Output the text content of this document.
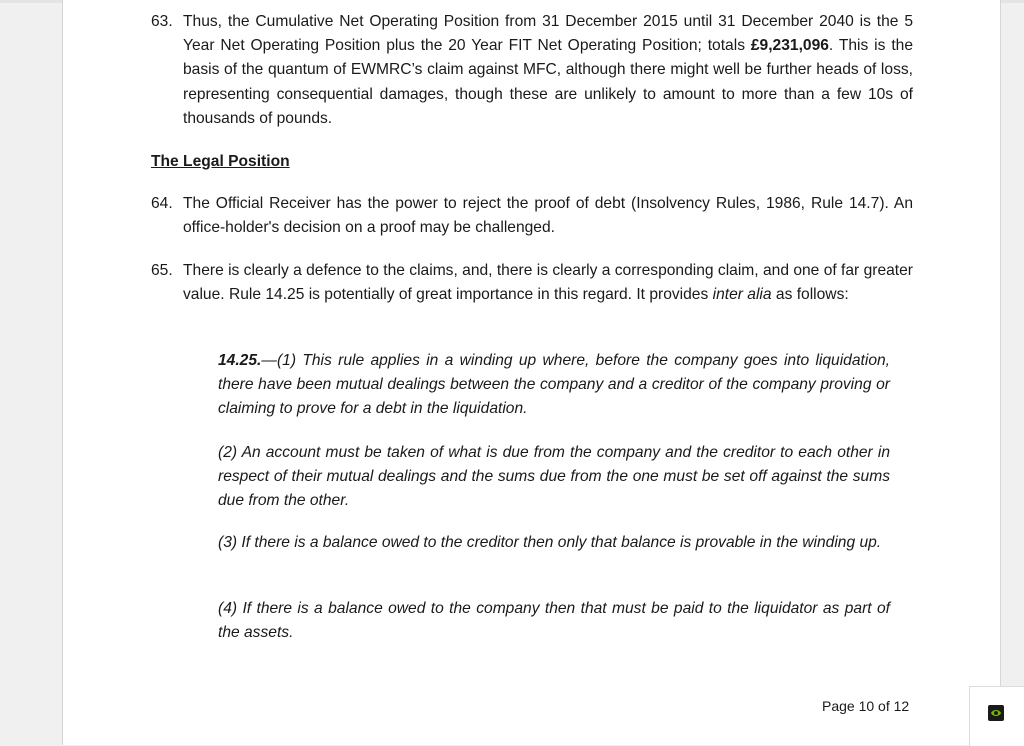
63. Thus, the Cumulative Net Operating Position from 31 December 2015 until 31 December 2040 is the 5 Year Net Operating Position plus the 20 Year FIT Net Operating Position; totals £9,231,096. This is the basis of the quantum of EWMRC’s claim against MFC, although there might well be further heads of loss, representing consequential damages, though these are unlikely to amount to more than a few 10s of thousands of pounds.
The Legal Position
64. The Official Receiver has the power to reject the proof of debt (Insolvency Rules, 1986, Rule 14.7). An office-holder's decision on a proof may be challenged.
65. There is clearly a defence to the claims, and, there is clearly a corresponding claim, and one of far greater value. Rule 14.25 is potentially of great importance in this regard. It provides inter alia as follows:
14.25.—(1) This rule applies in a winding up where, before the company goes into liquidation, there have been mutual dealings between the company and a creditor of the company proving or claiming to prove for a debt in the liquidation.
(2) An account must be taken of what is due from the company and the creditor to each other in respect of their mutual dealings and the sums due from the one must be set off against the sums due from the other.
(3) If there is a balance owed to the creditor then only that balance is provable in the winding up.
(4) If there is a balance owed to the company then that must be paid to the liquidator as part of the assets.
Page 10 of 12
